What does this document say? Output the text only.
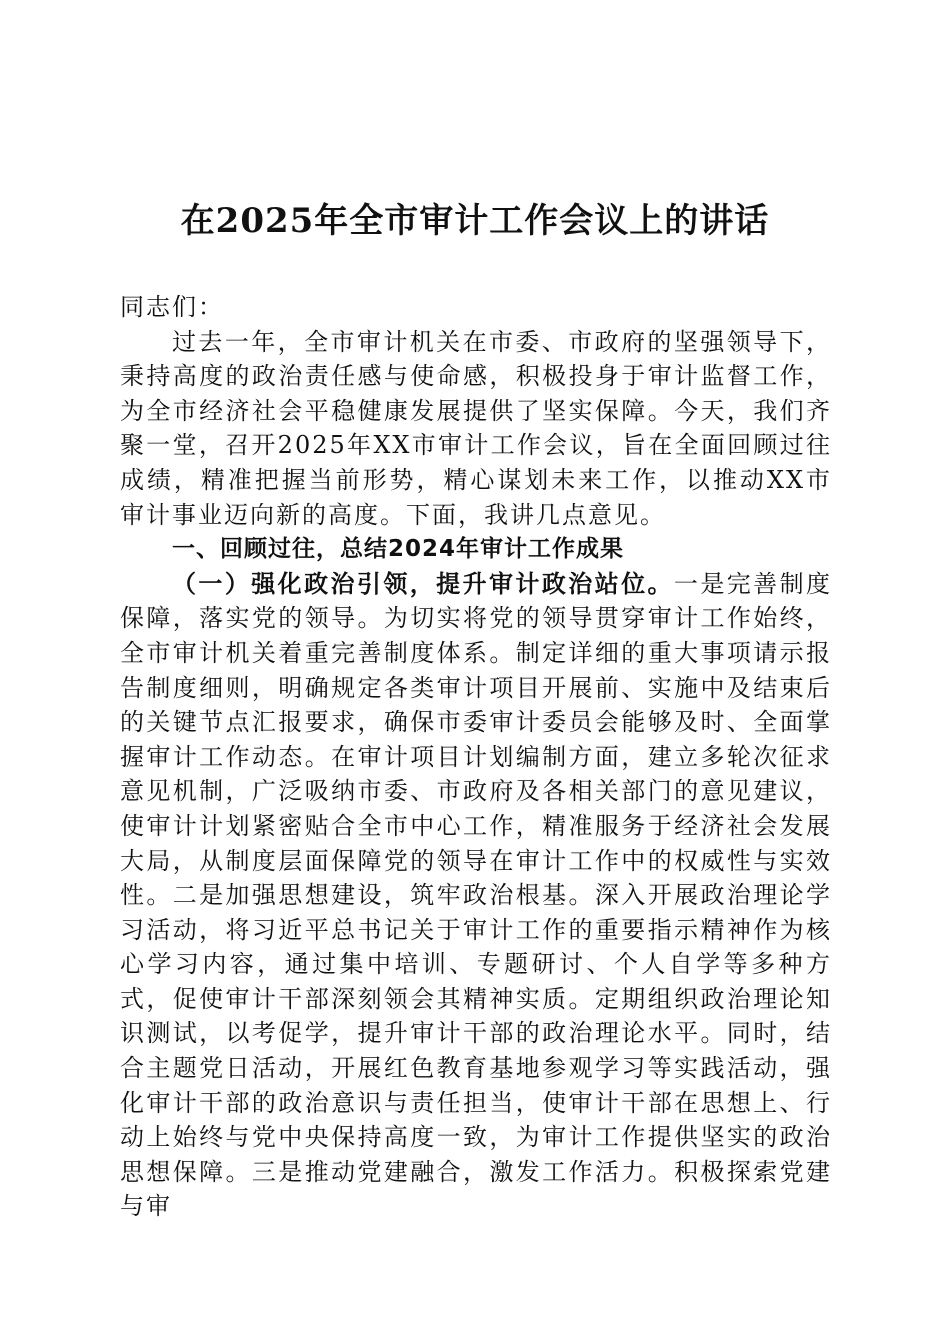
在2025年全市审计工作会议上的讲话

同志们：

过去一年，全市审计机关在市委、市政府的坚强领导下，秉持高度的政治责任感与使命感，积极投身于审计监督工作，为全市经济社会平稳健康发展提供了坚实保障。今天，我们齐聚一堂，召开2025年XX市审计工作会议，旨在全面回顾过往成绩，精准把握当前形势，精心谋划未来工作，以推动XX市审计事业迈向新的高度。下面，我讲几点意见。

一、回顾过往，总结2024年审计工作成果

（一）强化政治引领，提升审计政治站位。一是完善制度保障，落实党的领导。为切实将党的领导贯穿审计工作始终，全市审计机关着重完善制度体系。制定详细的重大事项请示报告制度细则，明确规定各类审计项目开展前、实施中及结束后的关键节点汇报要求，确保市委审计委员会能够及时、全面掌握审计工作动态。在审计项目计划编制方面，建立多轮次征求意见机制，广泛吸纳市委、市政府及各相关部门的意见建议，使审计计划紧密贴合全市中心工作，精准服务于经济社会发展大局，从制度层面保障党的领导在审计工作中的权威性与实效性。二是加强思想建设，筑牢政治根基。深入开展政治理论学习活动，将习近平总书记关于审计工作的重要指示精神作为核心学习内容，通过集中培训、专题研讨、个人自学等多种方式，促使审计干部深刻领会其精神实质。定期组织政治理论知识测试，以考促学，提升审计干部的政治理论水平。同时，结合主题党日活动，开展红色教育基地参观学习等实践活动，强化审计干部的政治意识与责任担当，使审计干部在思想上、行动上始终与党中央保持高度一致，为审计工作提供坚实的政治思想保障。三是推动党建融合，激发工作活力。积极探索党建与审
